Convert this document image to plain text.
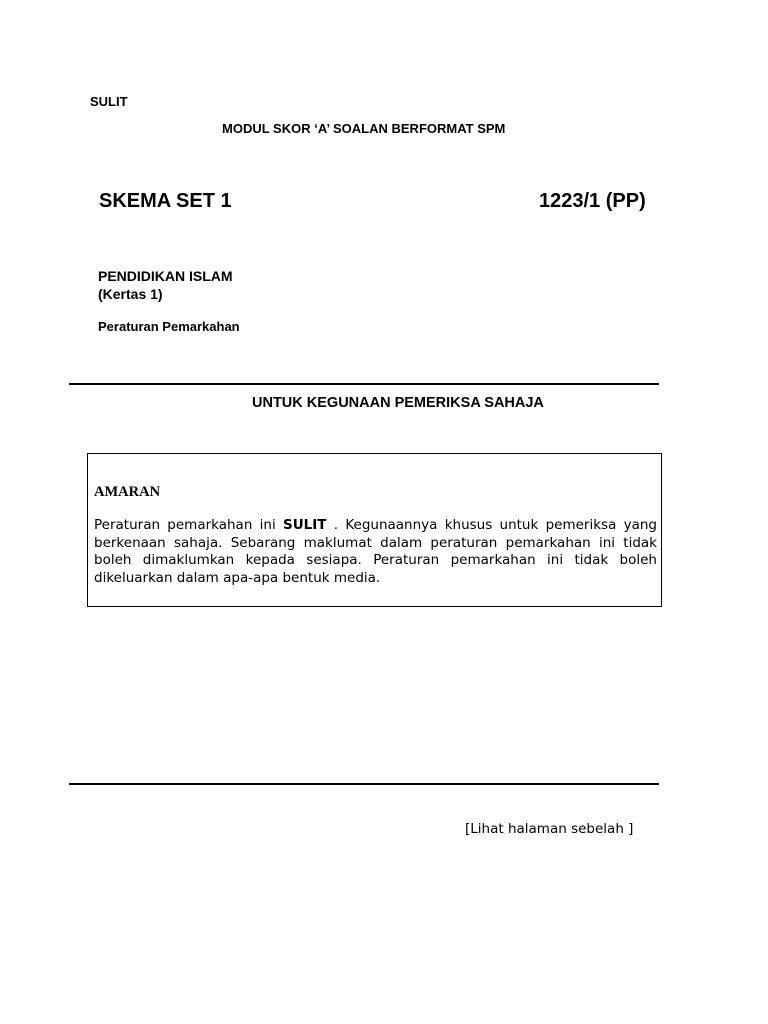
SULIT
MODUL SKOR ‘A’ SOALAN BERFORMAT SPM
SKEMA SET 1	1223/1 (PP)
PENDIDIKAN ISLAM
(Kertas 1)
Peraturan Pemarkahan
UNTUK KEGUNAAN PEMERIKSA SAHAJA
AMARAN
Peraturan pemarkahan ini SULIT . Kegunaannya khusus untuk pemeriksa yang berkenaan sahaja. Sebarang maklumat dalam peraturan pemarkahan ini tidak boleh dimaklumkan kepada sesiapa. Peraturan pemarkahan ini tidak boleh dikeluarkan dalam apa-apa bentuk media.
[Lihat halaman sebelah ]
